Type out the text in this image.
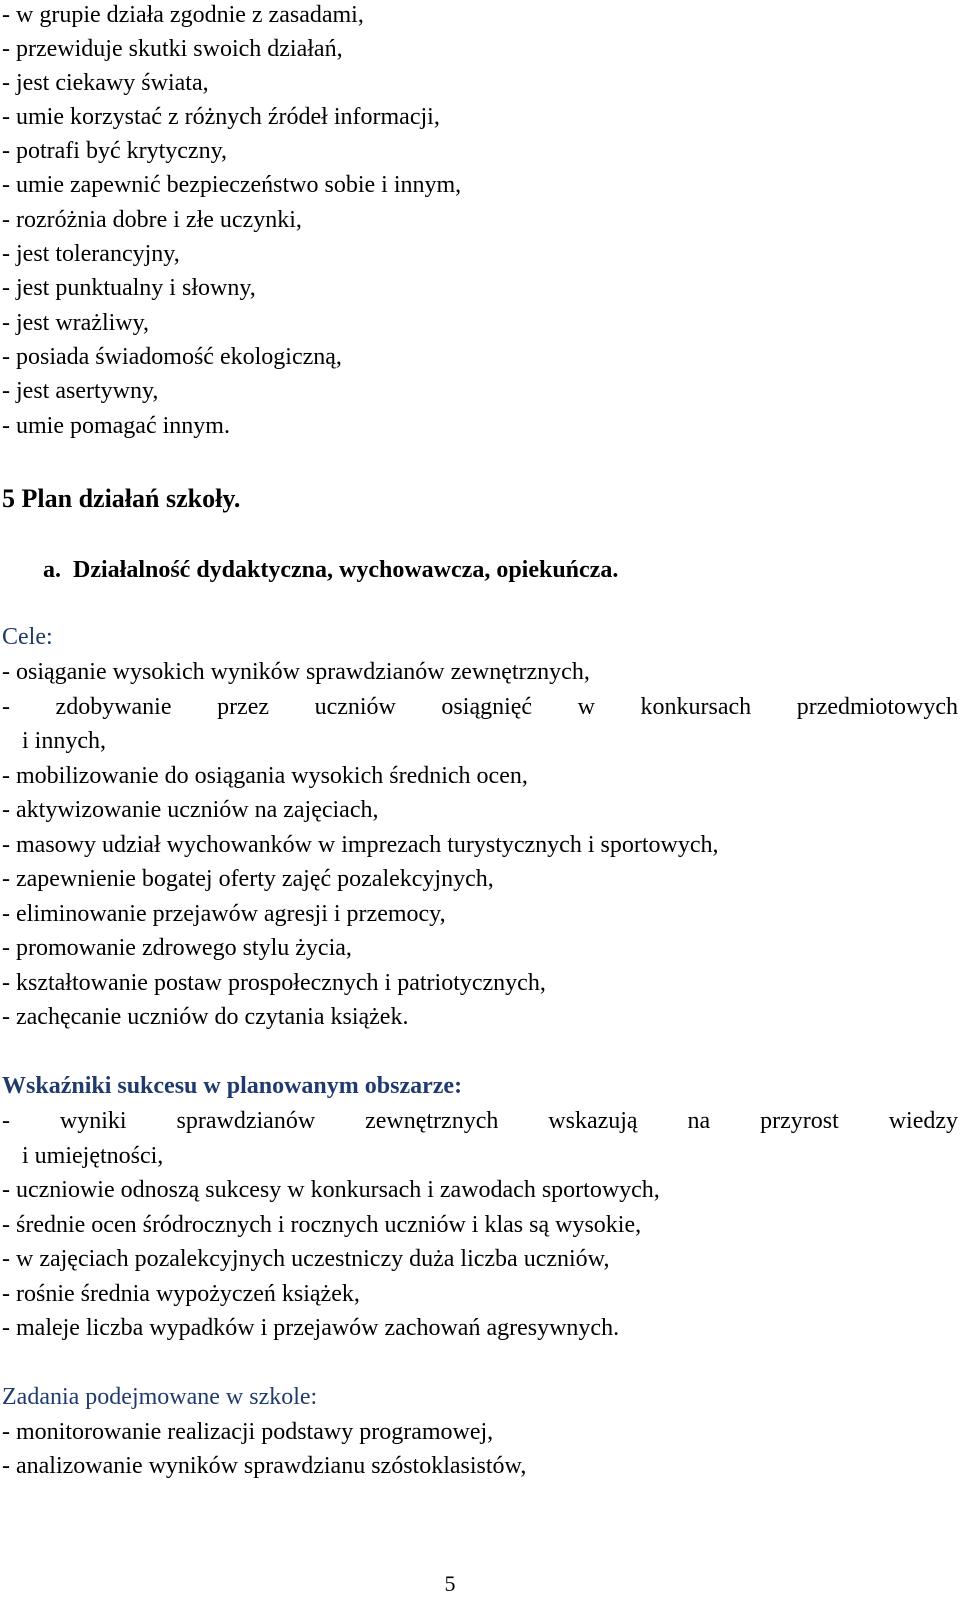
- w grupie działa zgodnie z zasadami,
- przewiduje skutki swoich działań,
- jest ciekawy świata,
- umie korzystać z różnych źródeł informacji,
- potrafi być krytyczny,
- umie zapewnić bezpieczeństwo sobie i innym,
- rozróżnia dobre i złe uczynki,
- jest tolerancyjny,
- jest punktualny i słowny,
- jest wrażliwy,
- posiada świadomość ekologiczną,
- jest asertywny,
- umie pomagać innym.
5 Plan działań szkoły.
a.  Działalność dydaktyczna, wychowawcza, opiekuńcza.
Cele:
- osiąganie wysokich wyników sprawdzianów zewnętrznych,
- zdobywanie przez uczniów osiągnięć w konkursach przedmiotowych
i innych,
- mobilizowanie do osiągania wysokich średnich ocen,
- aktywizowanie uczniów na zajęciach,
- masowy udział wychowanków w imprezach turystycznych i sportowych,
- zapewnienie bogatej oferty zajęć pozalekcyjnych,
- eliminowanie przejawów agresji i przemocy,
- promowanie zdrowego stylu życia,
- kształtowanie postaw prospołecznych i patriotycznych,
- zachęcanie uczniów do czytania książek.
Wskaźniki sukcesu w planowanym obszarze:
- wyniki sprawdzianów zewnętrznych wskazują na przyrost wiedzy
i umiejętności,
- uczniowie odnoszą sukcesy w konkursach i zawodach sportowych,
- średnie ocen śródrocznych i rocznych uczniów i klas są wysokie,
- w zajęciach pozalekcyjnych uczestniczy duża liczba uczniów,
- rośnie średnia wypożyczeń książek,
- maleje liczba wypadków i przejawów zachowań agresywnych.
Zadania podejmowane w szkole:
- monitorowanie realizacji podstawy programowej,
- analizowanie wyników sprawdzianu szóstoklasistów,
5
